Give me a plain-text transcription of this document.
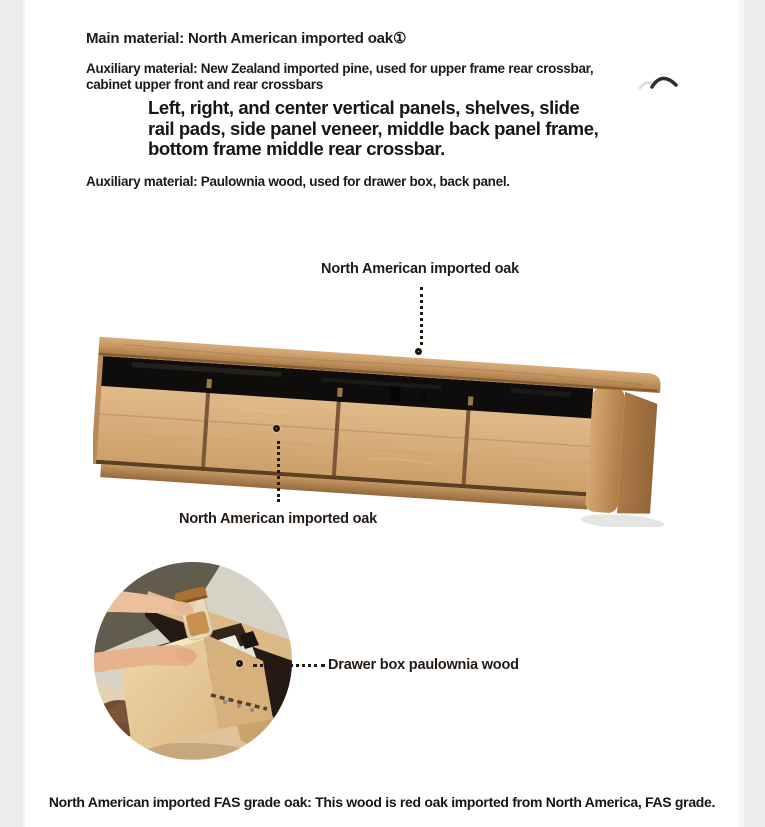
Main material: North American imported oak①
Auxiliary material: New Zealand imported pine, used for upper frame rear crossbar,
cabinet upper front and rear crossbars
Left, right, and center vertical panels, shelves, slide
rail pads, side panel veneer, middle back panel frame,
bottom frame middle rear crossbar.
Auxiliary material: Paulownia wood, used for drawer box, back panel.
North American imported oak
North American imported oak
Drawer box paulownia wood
North American imported FAS grade oak: This wood is red oak imported from North America, FAS grade.
